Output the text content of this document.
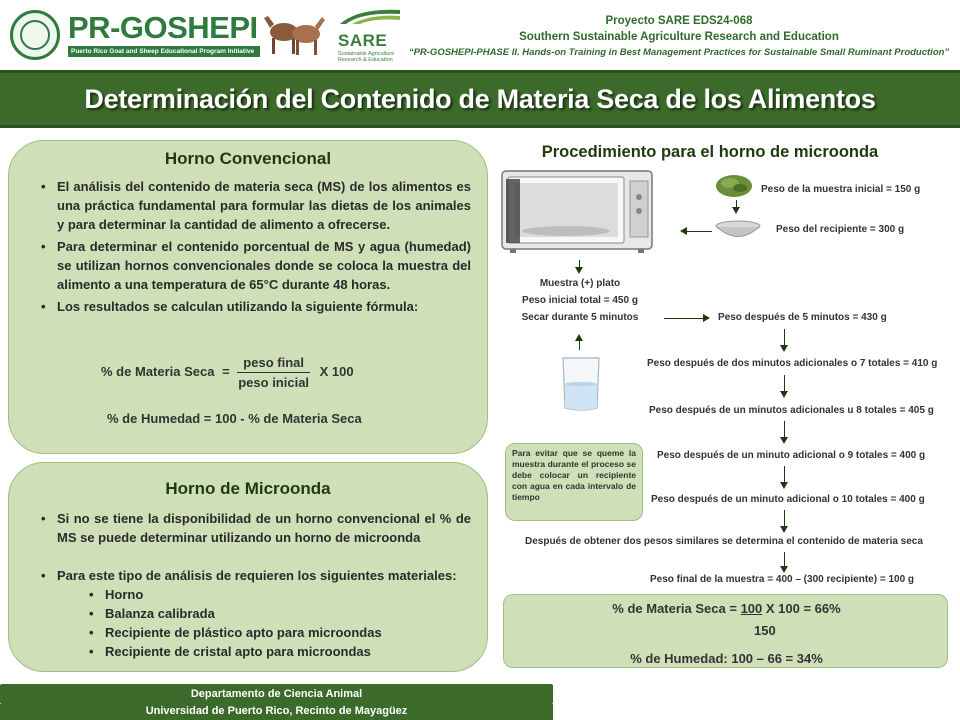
PR-GOSHEPI
Puerto Rico Goat and Sheep Educational Program Initiative
SARE
Sustainable Agriculture
Research & Education
Proyecto SARE EDS24-068
Southern Sustainable Agriculture Research and Education
“PR-GOSHEPI-PHASE II. Hands-on Training in Best Management Practices for Sustainable Small Ruminant Production”
Determinación del Contenido de Materia Seca de los Alimentos
Horno Convencional
• El análisis del contenido de materia seca (MS) de los alimentos es una práctica fundamental para formular las dietas de los animales y para determinar la cantidad de alimento a ofrecerse.
• Para determinar el contenido porcentual de MS y agua (humedad) se utilizan hornos convencionales donde se coloca la muestra del alimento a una temperatura de 65°C durante 48 horas.
• Los resultados se calculan utilizando la siguiente fórmula:
% de Materia Seca = $\frac{\text{peso final}}{\text{peso inicial}}$ X 100
% de Humedad = 100 - % de Materia Seca
Horno de Microonda
• Si no se tiene la disponibilidad de un horno convencional el % de MS se puede determinar utilizando un horno de microonda
• Para este tipo de análisis de requieren los siguientes materiales:
• Horno
• Balanza calibrada
• Recipiente de plástico apto para microondas
• Recipiente de cristal apto para microondas
Procedimiento para el horno de microonda
Peso de la muestra inicial = 150 g
Peso del recipiente = 300 g
Muestra (+) plato
Peso inicial total = 450 g
Secar durante 5 minutos
Para evitar que se queme la muestra durante el proceso se debe colocar un recipiente con agua en cada intervalo de tiempo
Peso después de 5 minutos = 430 g
Peso después de dos minutos adicionales o 7 totales = 410 g
Peso después de un minutos adicionales u 8 totales = 405 g
Peso después de un minuto adicional o 9 totales = 400 g
Peso después de un minuto adicional o 10 totales = 400 g
Después de obtener dos pesos similares se determina el contenido de materia seca
Peso final de la muestra = 400 – (300 recipiente) = 100 g
% de Materia Seca = 100 X 100 = 66%
150
% de Humedad: 100 – 66 = 34%
Departamento de Ciencia Animal
Universidad de Puerto Rico, Recinto de Mayagüez
